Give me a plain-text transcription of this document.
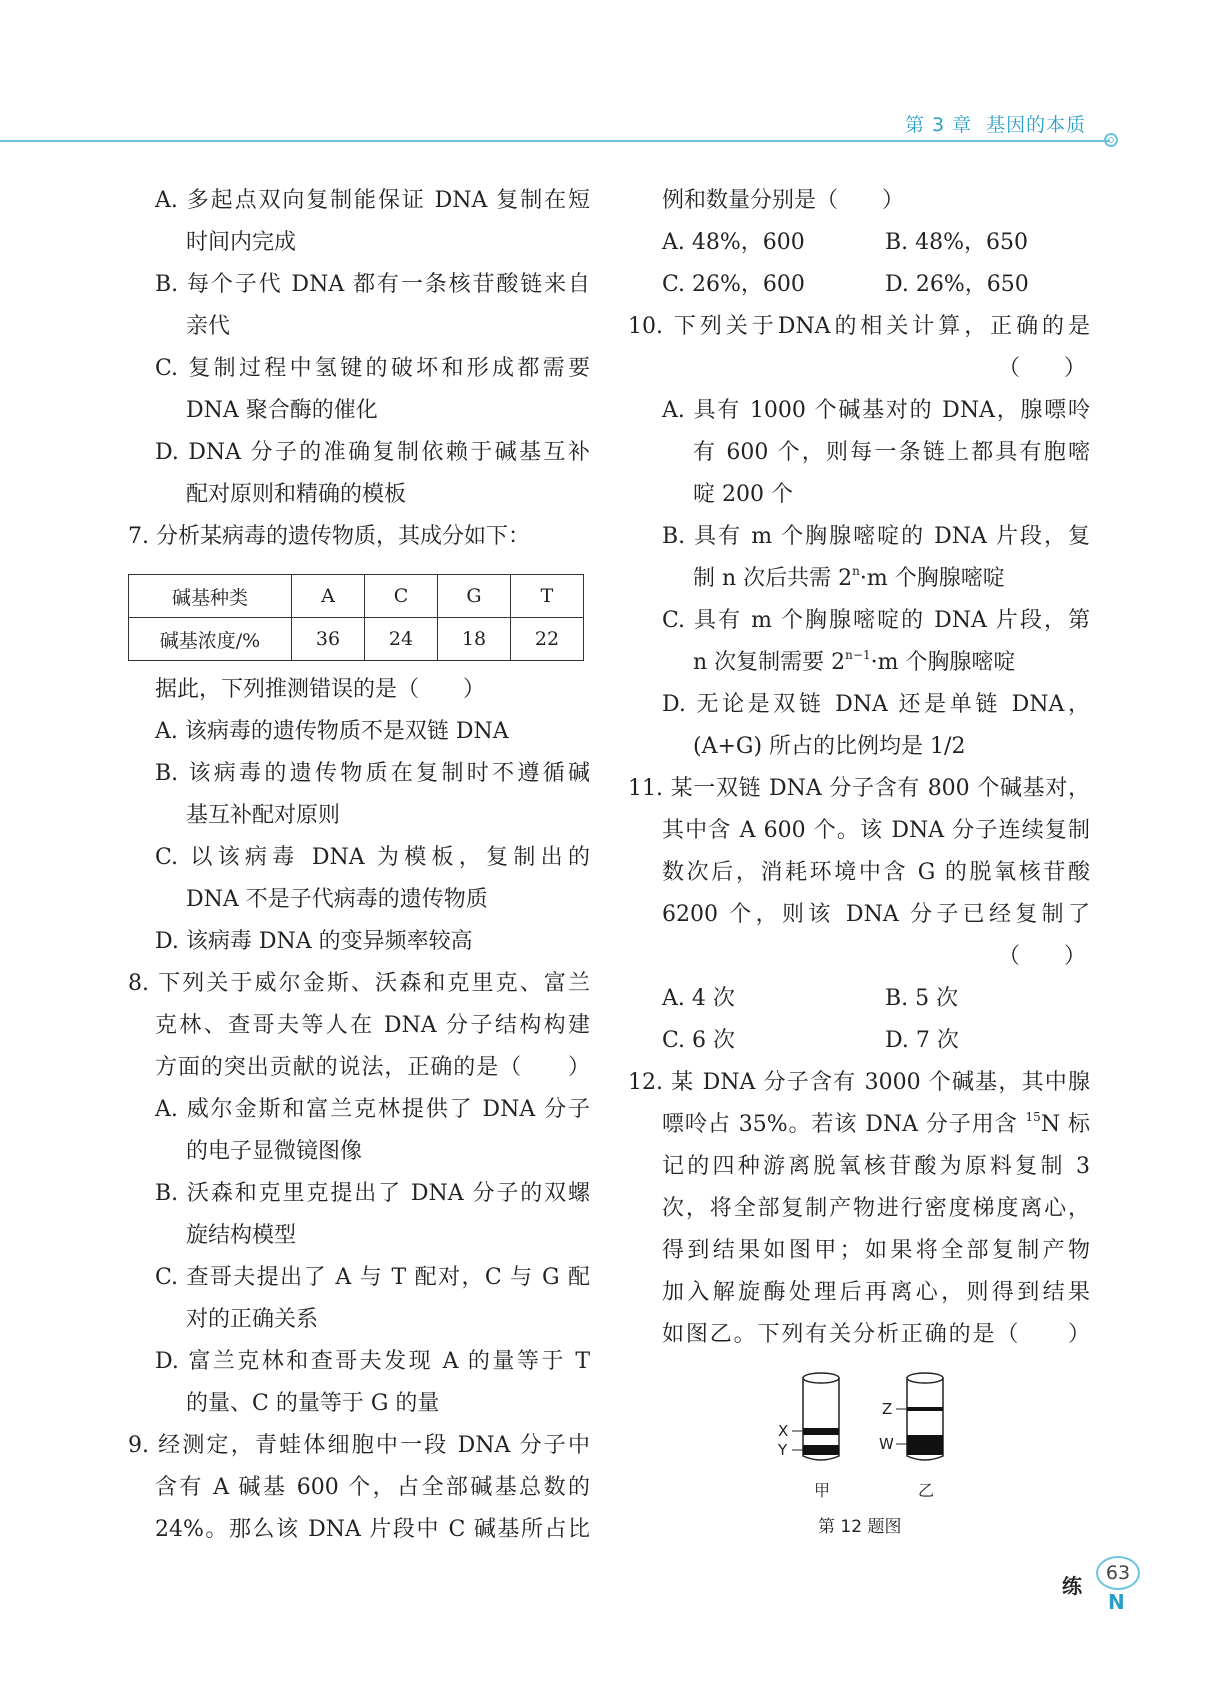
第 3 章 基因的本质
A. 多起点双向复制能保证 DNA 复制在短
时间内完成
B. 每个子代 DNA 都有一条核苷酸链来自
亲代
C. 复制过程中氢键的破坏和形成都需要
DNA 聚合酶的催化
D. DNA 分子的准确复制依赖于碱基互补
配对原则和精确的模板
7. 分析某病毒的遗传物质，其成分如下：
碱基种类	A	C	G	T
碱基浓度/%	36	24	18	22
据此，下列推测错误的是（　　）
A. 该病毒的遗传物质不是双链 DNA
B. 该病毒的遗传物质在复制时不遵循碱
基互补配对原则
C. 以该病毒 DNA 为模板，复制出的
DNA 不是子代病毒的遗传物质
D. 该病毒 DNA 的变异频率较高
8. 下列关于威尔金斯、沃森和克里克、富兰
克林、查哥夫等人在 DNA 分子结构构建
方面的突出贡献的说法，正确的是（　　）
A. 威尔金斯和富兰克林提供了 DNA 分子
的电子显微镜图像
B. 沃森和克里克提出了 DNA 分子的双螺
旋结构模型
C. 查哥夫提出了 A 与 T 配对，C 与 G 配
对的正确关系
D. 富兰克林和查哥夫发现 A 的量等于 T
的量、C 的量等于 G 的量
9. 经测定，青蛙体细胞中一段 DNA 分子中
含有 A 碱基 600 个，占全部碱基总数的
24%。那么该 DNA 片段中 C 碱基所占比
例和数量分别是（　　）
A. 48%，600	B. 48%，650
C. 26%，600	D. 26%，650
10. 下列关于DNA的相关计算，正确的是
（　　）
A. 具有 1000 个碱基对的 DNA，腺嘌呤
有 600 个，则每一条链上都具有胞嘧
啶 200 个
B. 具有 m 个胸腺嘧啶的 DNA 片段，复
制 n 次后共需 $2^n\cdot m$ 个胸腺嘧啶
C. 具有 m 个胸腺嘧啶的 DNA 片段，第
n 次复制需要 $2^{n-1}\cdot m$ 个胸腺嘧啶
D. 无论是双链 DNA 还是单链 DNA，
(A+G) 所占的比例均是 1/2
11. 某一双链 DNA 分子含有 800 个碱基对，
其中含 A 600 个。该 DNA 分子连续复制
数次后，消耗环境中含 G 的脱氧核苷酸
6200 个，则该 DNA 分子已经复制了
（　　）
A. 4 次	B. 5 次
C. 6 次	D. 7 次
12. 某 DNA 分子含有 3000 个碱基，其中腺
嘌呤占 35%。若该 DNA 分子用含 $^{15}$N 标
记的四种游离脱氧核苷酸为原料复制 3
次，将全部复制产物进行密度梯度离心，
得到结果如图甲；如果将全部复制产物
加入解旋酶处理后再离心，则得到结果
如图乙。下列有关分析正确的是（　　）
X
Y
Z
W
甲	乙
第 12 题图
练
63
N
